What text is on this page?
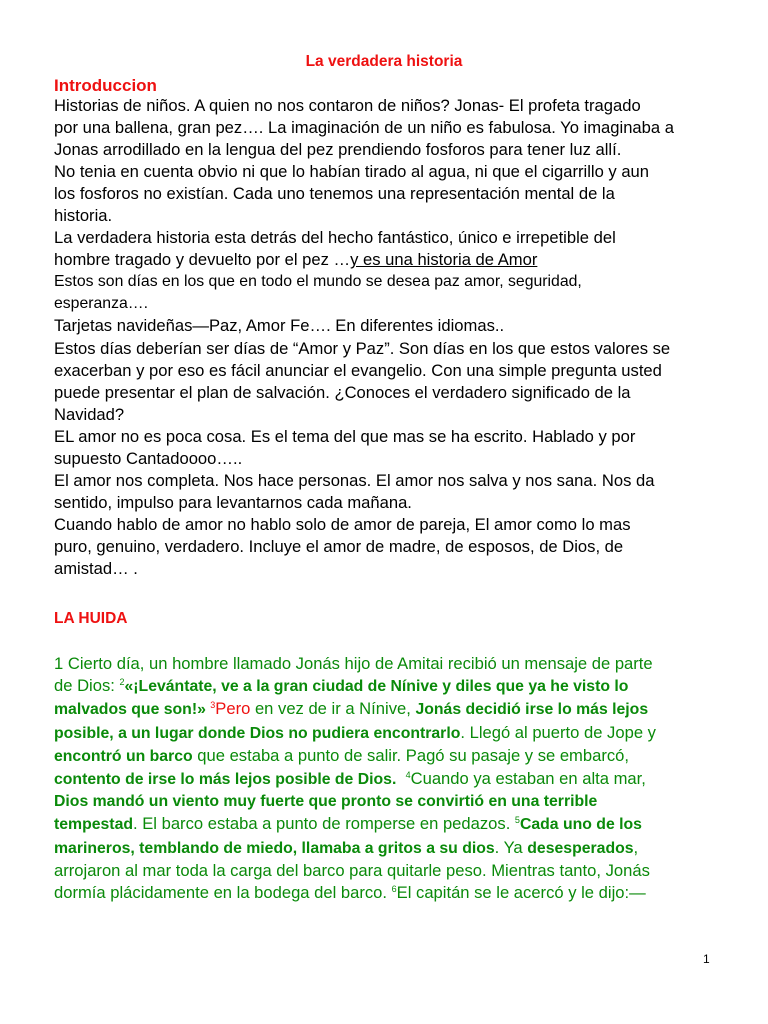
La verdadera historia
Introduccion

Historias de niños. A quien no nos contaron de niños? Jonas- El profeta tragado

por una ballena, gran pez…. La imaginación de un niño es fabulosa. Yo imaginaba a

Jonas arrodillado en la lengua del pez prendiendo fosforos para tener luz allí.

No tenia en cuenta obvio ni que lo habían tirado al agua, ni que el cigarrillo y aun

los fosforos no existían. Cada uno tenemos una representación mental de la

historia.

La verdadera historia esta detrás del hecho fantástico, único e irrepetible del

hombre tragado y devuelto por el pez …y es una historia de Amor

Estos son días en los que en todo el mundo se desea paz amor, seguridad,

esperanza….

Tarjetas navideñas—Paz, Amor Fe…. En diferentes idiomas..

Estos días deberían ser días de “Amor y Paz”. Son días en los que estos valores se

exacerban y por eso es fácil anunciar el evangelio. Con una simple pregunta usted

puede presentar el plan de salvación. ¿Conoces el verdadero significado de la

Navidad?

EL amor no es poca cosa. Es el tema del que mas se ha escrito. Hablado y por

supuesto Cantadoooo…..

El amor nos completa. Nos hace personas. El amor nos salva y nos sana. Nos da

sentido, impulso para levantarnos cada mañana.

Cuando hablo de amor no hablo solo de amor de pareja, El amor como lo mas

puro, genuino, verdadero. Incluye el amor de madre, de esposos, de Dios, de

amistad… .

LA HUIDA

1 Cierto día, un hombre llamado Jonás hijo de Amitai recibió un mensaje de parte

de Dios: $^2$«¡Levántate, ve a la gran ciudad de Nínive y diles que ya he visto lo

malvados que son!» $^3$Pero en vez de ir a Nínive, Jonás decidió irse lo más lejos

posible, a un lugar donde Dios no pudiera encontrarlo. Llegó al puerto de Jope y

encontró un barco que estaba a punto de salir. Pagó su pasaje y se embarcó,

contento de irse lo más lejos posible de Dios. $^4$Cuando ya estaban en alta mar,

Dios mandó un viento muy fuerte que pronto se convirtió en una terrible

tempestad. El barco estaba a punto de romperse en pedazos. $^5$Cada uno de los

marineros, temblando de miedo, llamaba a gritos a su dios. Ya desesperados,

arrojaron al mar toda la carga del barco para quitarle peso. Mientras tanto, Jonás

dormía plácidamente en la bodega del barco. $^6$El capitán se le acercó y le dijo:—

1
